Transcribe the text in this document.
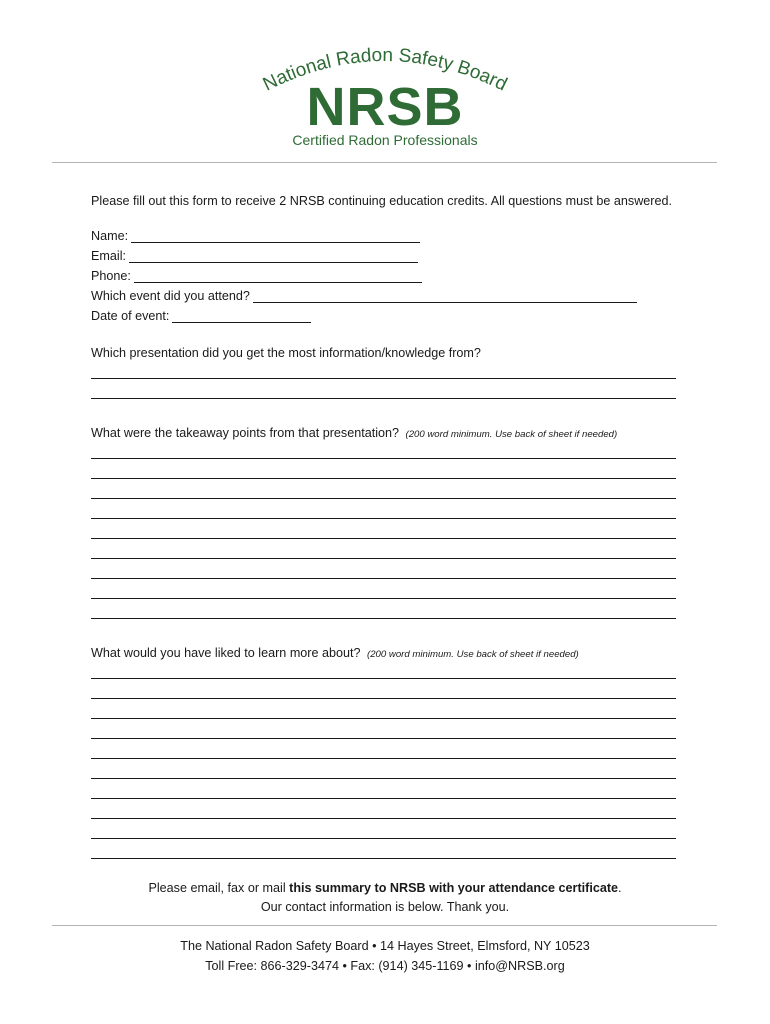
National Radon Safety Board
NRSB
Certified Radon Professionals
Please fill out this form to receive 2 NRSB continuing education credits. All questions must be answered.
Name:
Email:
Phone:
Which event did you attend?
Date of event:
Which presentation did you get the most information/knowledge from?
What were the takeaway points from that presentation? (200 word minimum. Use back of sheet if needed)
What would you have liked to learn more about? (200 word minimum. Use back of sheet if needed)
Please email, fax or mail this summary to NRSB with your attendance certificate.
Our contact information is below. Thank you.
The National Radon Safety Board • 14 Hayes Street, Elmsford, NY 10523
Toll Free: 866-329-3474 • Fax: (914) 345-1169 • info@NRSB.org
